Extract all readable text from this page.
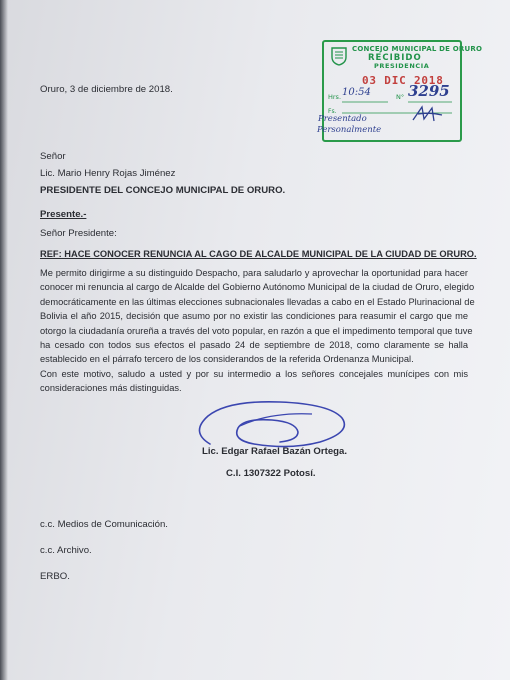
CONCEJO MUNICIPAL DE ORURO
RECIBIDO
PRESIDENCIA
03 DIC 2018
Hrs.	N°
Fs.
10:54 3295
Presentado
Personalmente
Oruro, 3 de diciembre de 2018.
Señor
Lic. Mario Henry Rojas Jiménez
PRESIDENTE DEL CONCEJO MUNICIPAL DE ORURO.
Presente.-
Señor Presidente:
REF: HACE CONOCER RENUNCIA AL CAGO DE ALCALDE MUNICIPAL DE LA CIUDAD DE ORURO.
Me permito dirigirme a su distinguido Despacho, para saludarlo y aprovechar la oportunidad para hacer
conocer mi renuncia al cargo de Alcalde del Gobierno Autónomo Municipal de la ciudad de Oruro, elegido
democráticamente en las últimas elecciones subnacionales llevadas a cabo en el Estado Plurinacional de
Bolivia el año 2015, decisión que asumo por no existir las condiciones para reasumir el cargo que me
otorgo la ciudadanía orureña a través del voto popular, en razón a que el impedimento temporal que tuve
ha cesado con todos sus efectos el pasado 24 de septiembre de 2018, como claramente se halla
establecido en el párrafo tercero de los considerandos de la referida Ordenanza Municipal.
Con este motivo, saludo a usted y por su intermedio a los señores concejales munícipes con mis
consideraciones más distinguidas.
Lic. Edgar Rafael Bazán Ortega.
C.I. 1307322 Potosí.
c.c. Medios de Comunicación.
c.c. Archivo.
ERBO.
